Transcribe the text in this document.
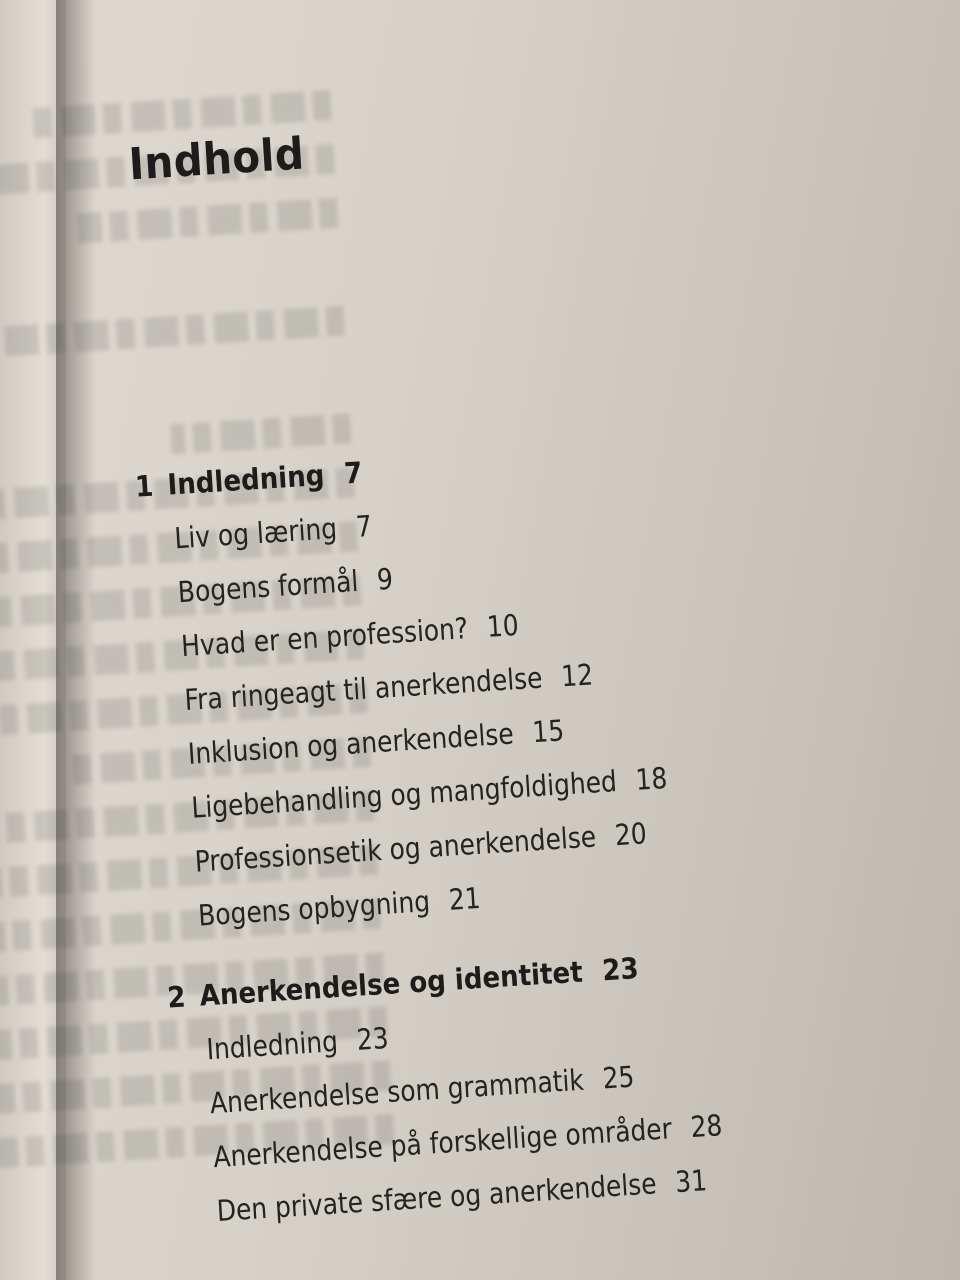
Indhold
1 Indledning 7
Liv og læring 7
Bogens formål 9
Hvad er en profession? 10
Fra ringeagt til anerkendelse 12
Inklusion og anerkendelse 15
Ligebehandling og mangfoldighed 18
Professionsetik og anerkendelse 20
Bogens opbygning 21
2 Anerkendelse og identitet 23
Indledning 23
Anerkendelse som grammatik 25
Anerkendelse på forskellige områder 28
Den private sfære og anerkendelse 31
